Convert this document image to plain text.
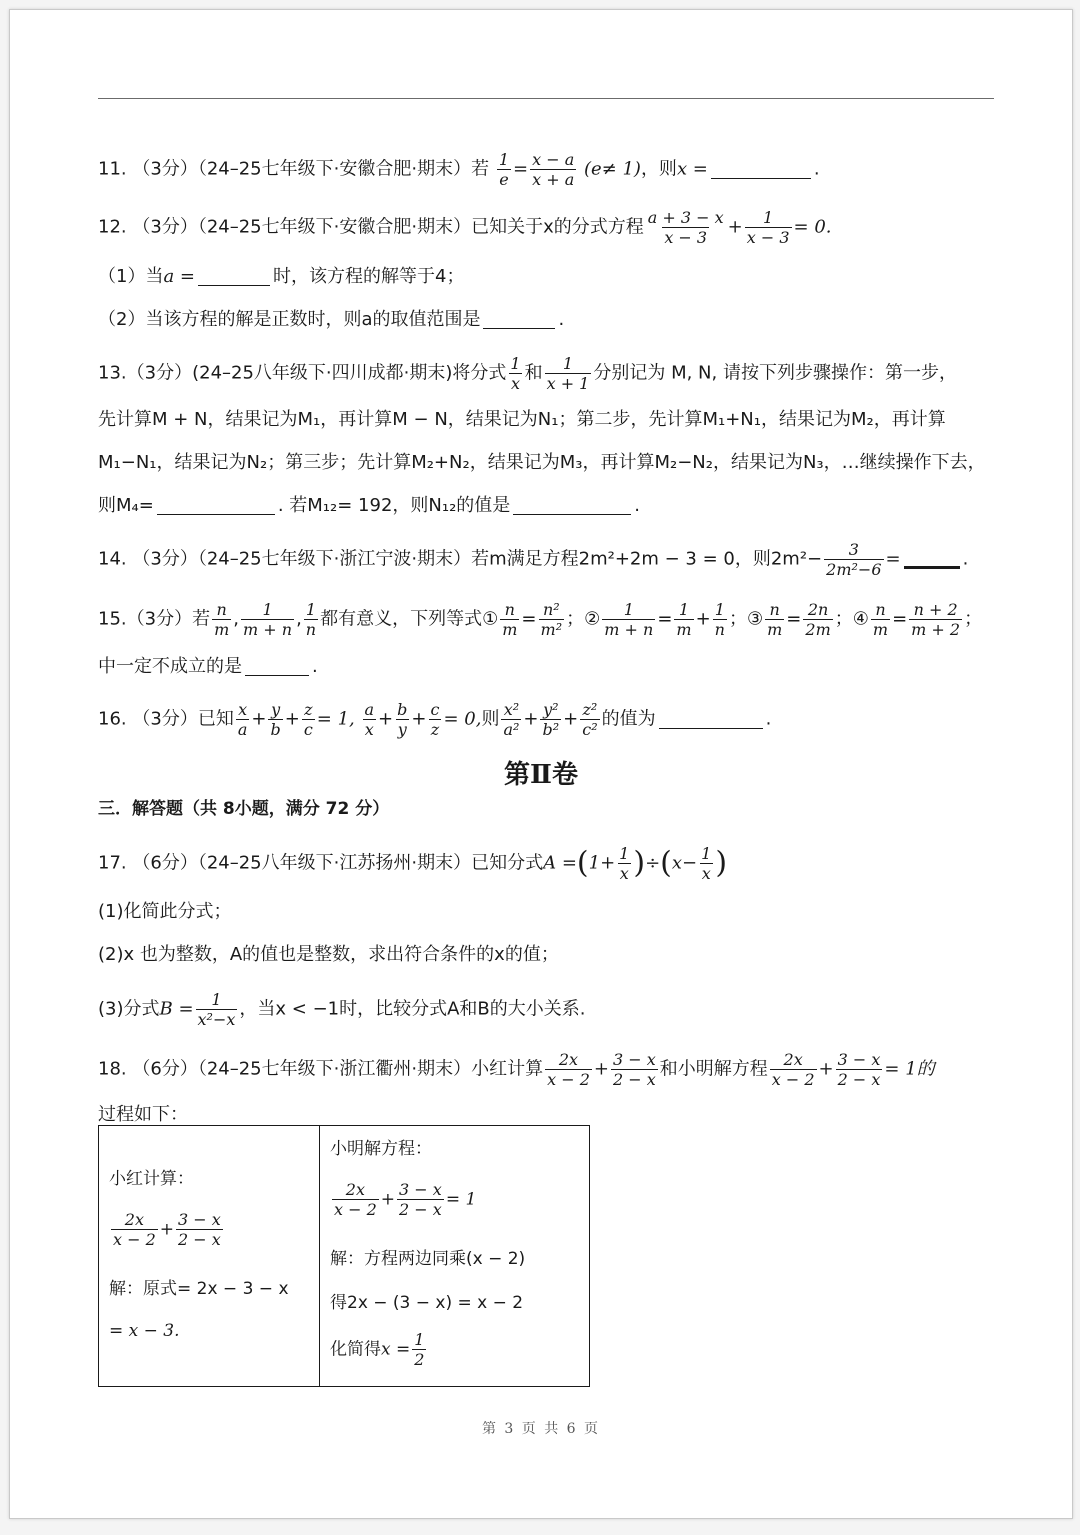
11. （3分）（24–25七年级下·安徽合肥·期末）若 $\frac{1}{e} = \frac{x - a}{x + a} (e\ne 1)$，则x =	.
12. （3分）（24–25七年级下·安徽合肥·期末）已知关于x的分式方程 $\frac{a + 3 - x}{x - 3} + \frac{1}{x - 3} = 0$.
（1）当a =	时，该方程的解等于4；
（2）当该方程的解是正数时，则a的取值范围是	.
13.（3分）(24–25八年级下·四川成都·期末)将分式 $\frac{1}{x}$ 和 $\frac{1}{x + 1}$ 分别记为 M, N, 请按下列步骤操作：第一步，
先计算M + N，结果记为M₁，再计算M − N，结果记为N₁；第二步，先计算M₁+N₁，结果记为M₂，再计算
M₁−N₁，结果记为N₂；第三步；先计算M₂+N₂，结果记为M₃，再计算M₂−N₂，结果记为N₃，…继续操作下去，
则M₄=	. 若M₁₂= 192，则N₁₂的值是	.
14. （3分）（24–25七年级下·浙江宁波·期末）若m满足方程2m²+2m − 3 = 0，则$2m^2- \frac{3}{\text{2m²−6}}$ =	.
15.（3分）若 $\frac{n}{m}$ , $\frac{1}{m + n}$ , $\frac{1}{n}$ 都有意义，下列等式① $\frac{n}{m} = \frac{\text{n²}}{\text{m²}}$ ；② $\frac{1}{m + n} = \frac{1}{m} + \frac{1}{n}$ ；③ $\frac{n}{m} = \frac{2n}{2m}$ ；④ $\frac{n}{m} = \frac{n + 2}{m + 2}$ ；
中一定不成立的是	.
16. （3分）已知 $\frac{x}{a} + \frac{y}{b} + \frac{z}{c} = 1$, $\frac{a}{x} + \frac{b}{y} + \frac{c}{z} = 0$,则 $\frac{\text{x²}}{\text{a²}} + \frac{\text{y²}}{\text{b²}} + \frac{\text{z²}}{\text{c²}}$ 的值为	.
第Ⅱ卷
三．解答题（共 8小题，满分 72 分）
17. （6分）（24–25八年级下·江苏扬州·期末）已知分式$A =(1+ \frac{1}{x} )\div(x- \frac{1}{x}$ )
(1)化简此分式；
(2)x 也为整数，A的值也是整数，求出符合条件的x的值；
(3)分式$B = \frac{1}{\text{x²−x}}$ ，当x < −1时，比较分式A和B的大小关系.
18. （6分）（24–25七年级下·浙江衢州·期末）小红计算 $\frac{2x}{x - 2} + \frac{3 - x}{2 - x}$ 和小明解方程 $\frac{2x}{x - 2} + \frac{3 - x}{2 - x} = 1$的
过程如下：
小红计算：
$\frac{2x}{x - 2} + \frac{3 - x}{2 - x}$
解：原式= 2x − 3 − x
= x − 3.

小明解方程：
$\frac{2x}{x - 2} + \frac{3 - x}{2 - x} = 1$
解：方程两边同乘(x − 2)
得2x − (3 − x) = x − 2
化简得$x = \frac{1}{2}$
第 3 页 共 6 页
